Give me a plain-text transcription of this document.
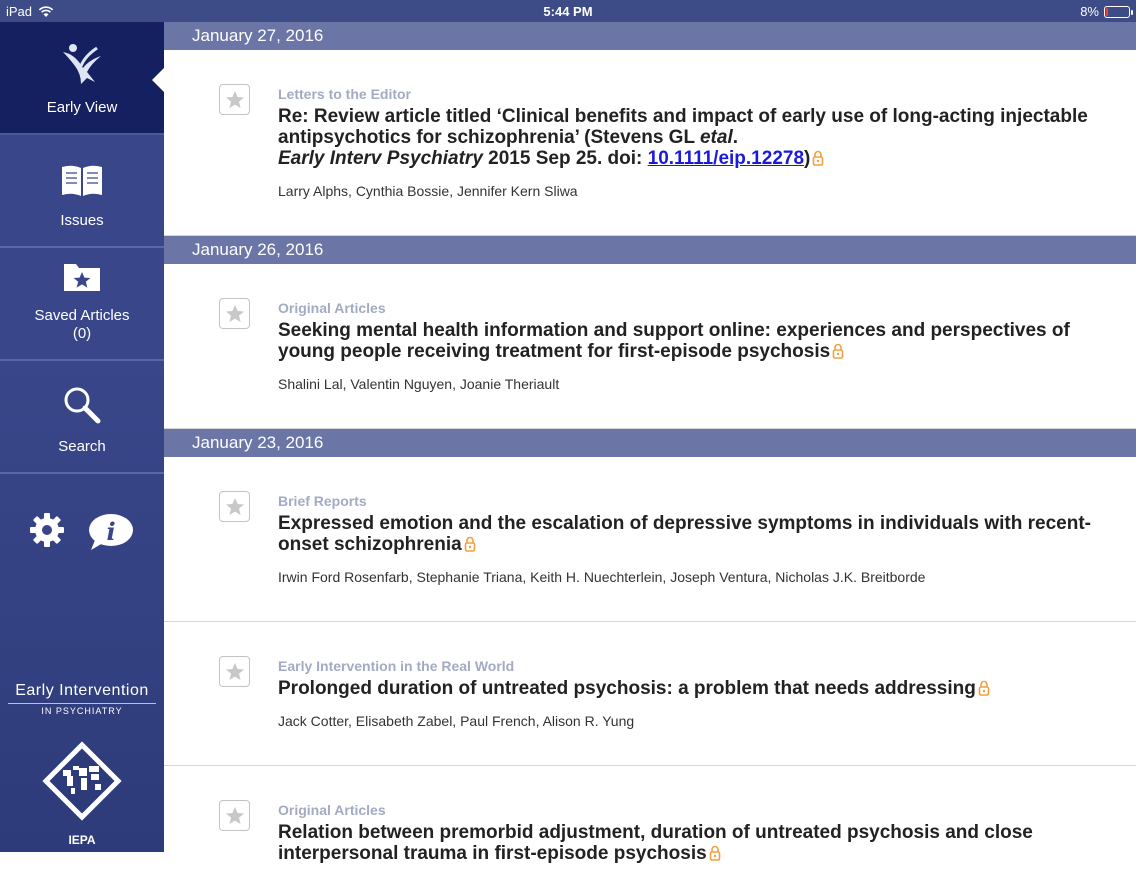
iPad	5:44 PM	8%
Early View
Issues
Saved Articles
(0)
Search
i
Early Intervention
IN PSYCHIATRY
IEPA
January 27, 2016
Letters to the Editor
Re: Review article titled ‘Clinical benefits and impact of early use of long-acting injectable antipsychotics for schizophrenia’ (Stevens GL etal.
Early Interv Psychiatry 2015 Sep 25. doi: 10.1111/eip.12278)
Larry Alphs, Cynthia Bossie, Jennifer Kern Sliwa
January 26, 2016
Original Articles
Seeking mental health information and support online: experiences and perspectives of young people receiving treatment for first-episode psychosis
Shalini Lal, Valentin Nguyen, Joanie Theriault
January 23, 2016
Brief Reports
Expressed emotion and the escalation of depressive symptoms in individuals with recent-onset schizophrenia
Irwin Ford Rosenfarb, Stephanie Triana, Keith H. Nuechterlein, Joseph Ventura, Nicholas J.K. Breitborde
Early Intervention in the Real World
Prolonged duration of untreated psychosis: a problem that needs addressing
Jack Cotter, Elisabeth Zabel, Paul French, Alison R. Yung
Original Articles
Relation between premorbid adjustment, duration of untreated psychosis and close interpersonal trauma in first-episode psychosis
